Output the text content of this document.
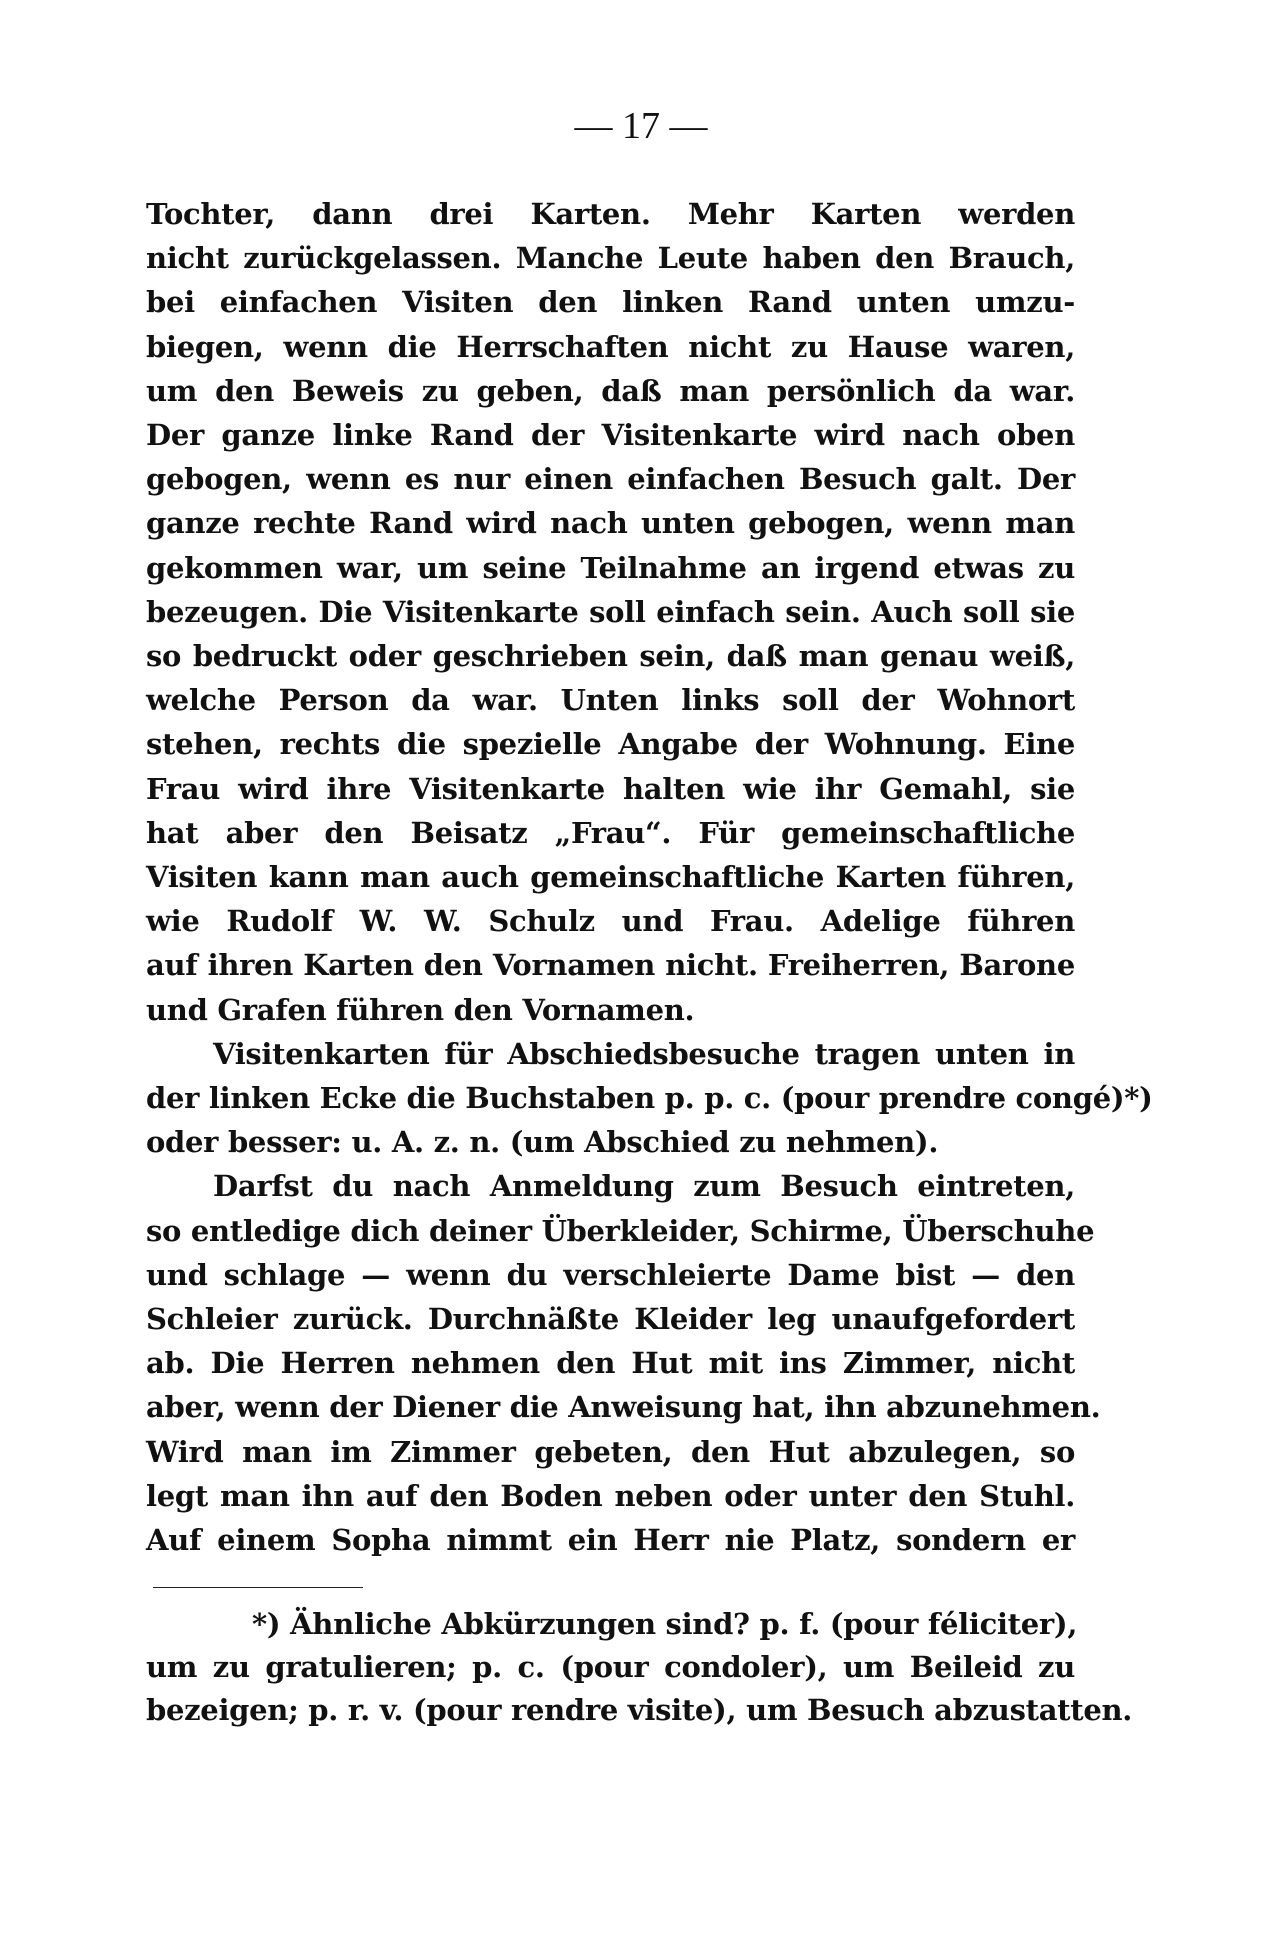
— 17 —
Tochter, dann drei Karten. Mehr Karten werden
nicht zurückgelassen. Manche Leute haben den Brauch,
bei einfachen Visiten den linken Rand unten umzu-
biegen, wenn die Herrschaften nicht zu Hause waren,
um den Beweis zu geben, daß man persönlich da war.
Der ganze linke Rand der Visitenkarte wird nach oben
gebogen, wenn es nur einen einfachen Besuch galt. Der
ganze rechte Rand wird nach unten gebogen, wenn man
gekommen war, um seine Teilnahme an irgend etwas zu
bezeugen. Die Visitenkarte soll einfach sein. Auch soll sie
so bedruckt oder geschrieben sein, daß man genau weiß,
welche Person da war. Unten links soll der Wohnort
stehen, rechts die spezielle Angabe der Wohnung. Eine
Frau wird ihre Visitenkarte halten wie ihr Gemahl, sie
hat aber den Beisatz „Frau“. Für gemeinschaftliche
Visiten kann man auch gemeinschaftliche Karten führen,
wie Rudolf W. W. Schulz und Frau. Adelige führen
auf ihren Karten den Vornamen nicht. Freiherren, Barone
und Grafen führen den Vornamen.
Visitenkarten für Abschiedsbesuche tragen unten in
der linken Ecke die Buchstaben p. p. c. (pour prendre congé)*)
oder besser: u. A. z. n. (um Abschied zu nehmen).
Darfst du nach Anmeldung zum Besuch eintreten,
so entledige dich deiner Überkleider, Schirme, Überschuhe
und schlage — wenn du verschleierte Dame bist — den
Schleier zurück. Durchnäßte Kleider leg unaufgefordert
ab. Die Herren nehmen den Hut mit ins Zimmer, nicht
aber, wenn der Diener die Anweisung hat, ihn abzunehmen.
Wird man im Zimmer gebeten, den Hut abzulegen, so
legt man ihn auf den Boden neben oder unter den Stuhl.
Auf einem Sopha nimmt ein Herr nie Platz, sondern er
*) Ähnliche Abkürzungen sind? p. f. (pour féliciter),
um zu gratulieren; p. c. (pour condoler), um Beileid zu
bezeigen; p. r. v. (pour rendre visite), um Besuch abzustatten.
